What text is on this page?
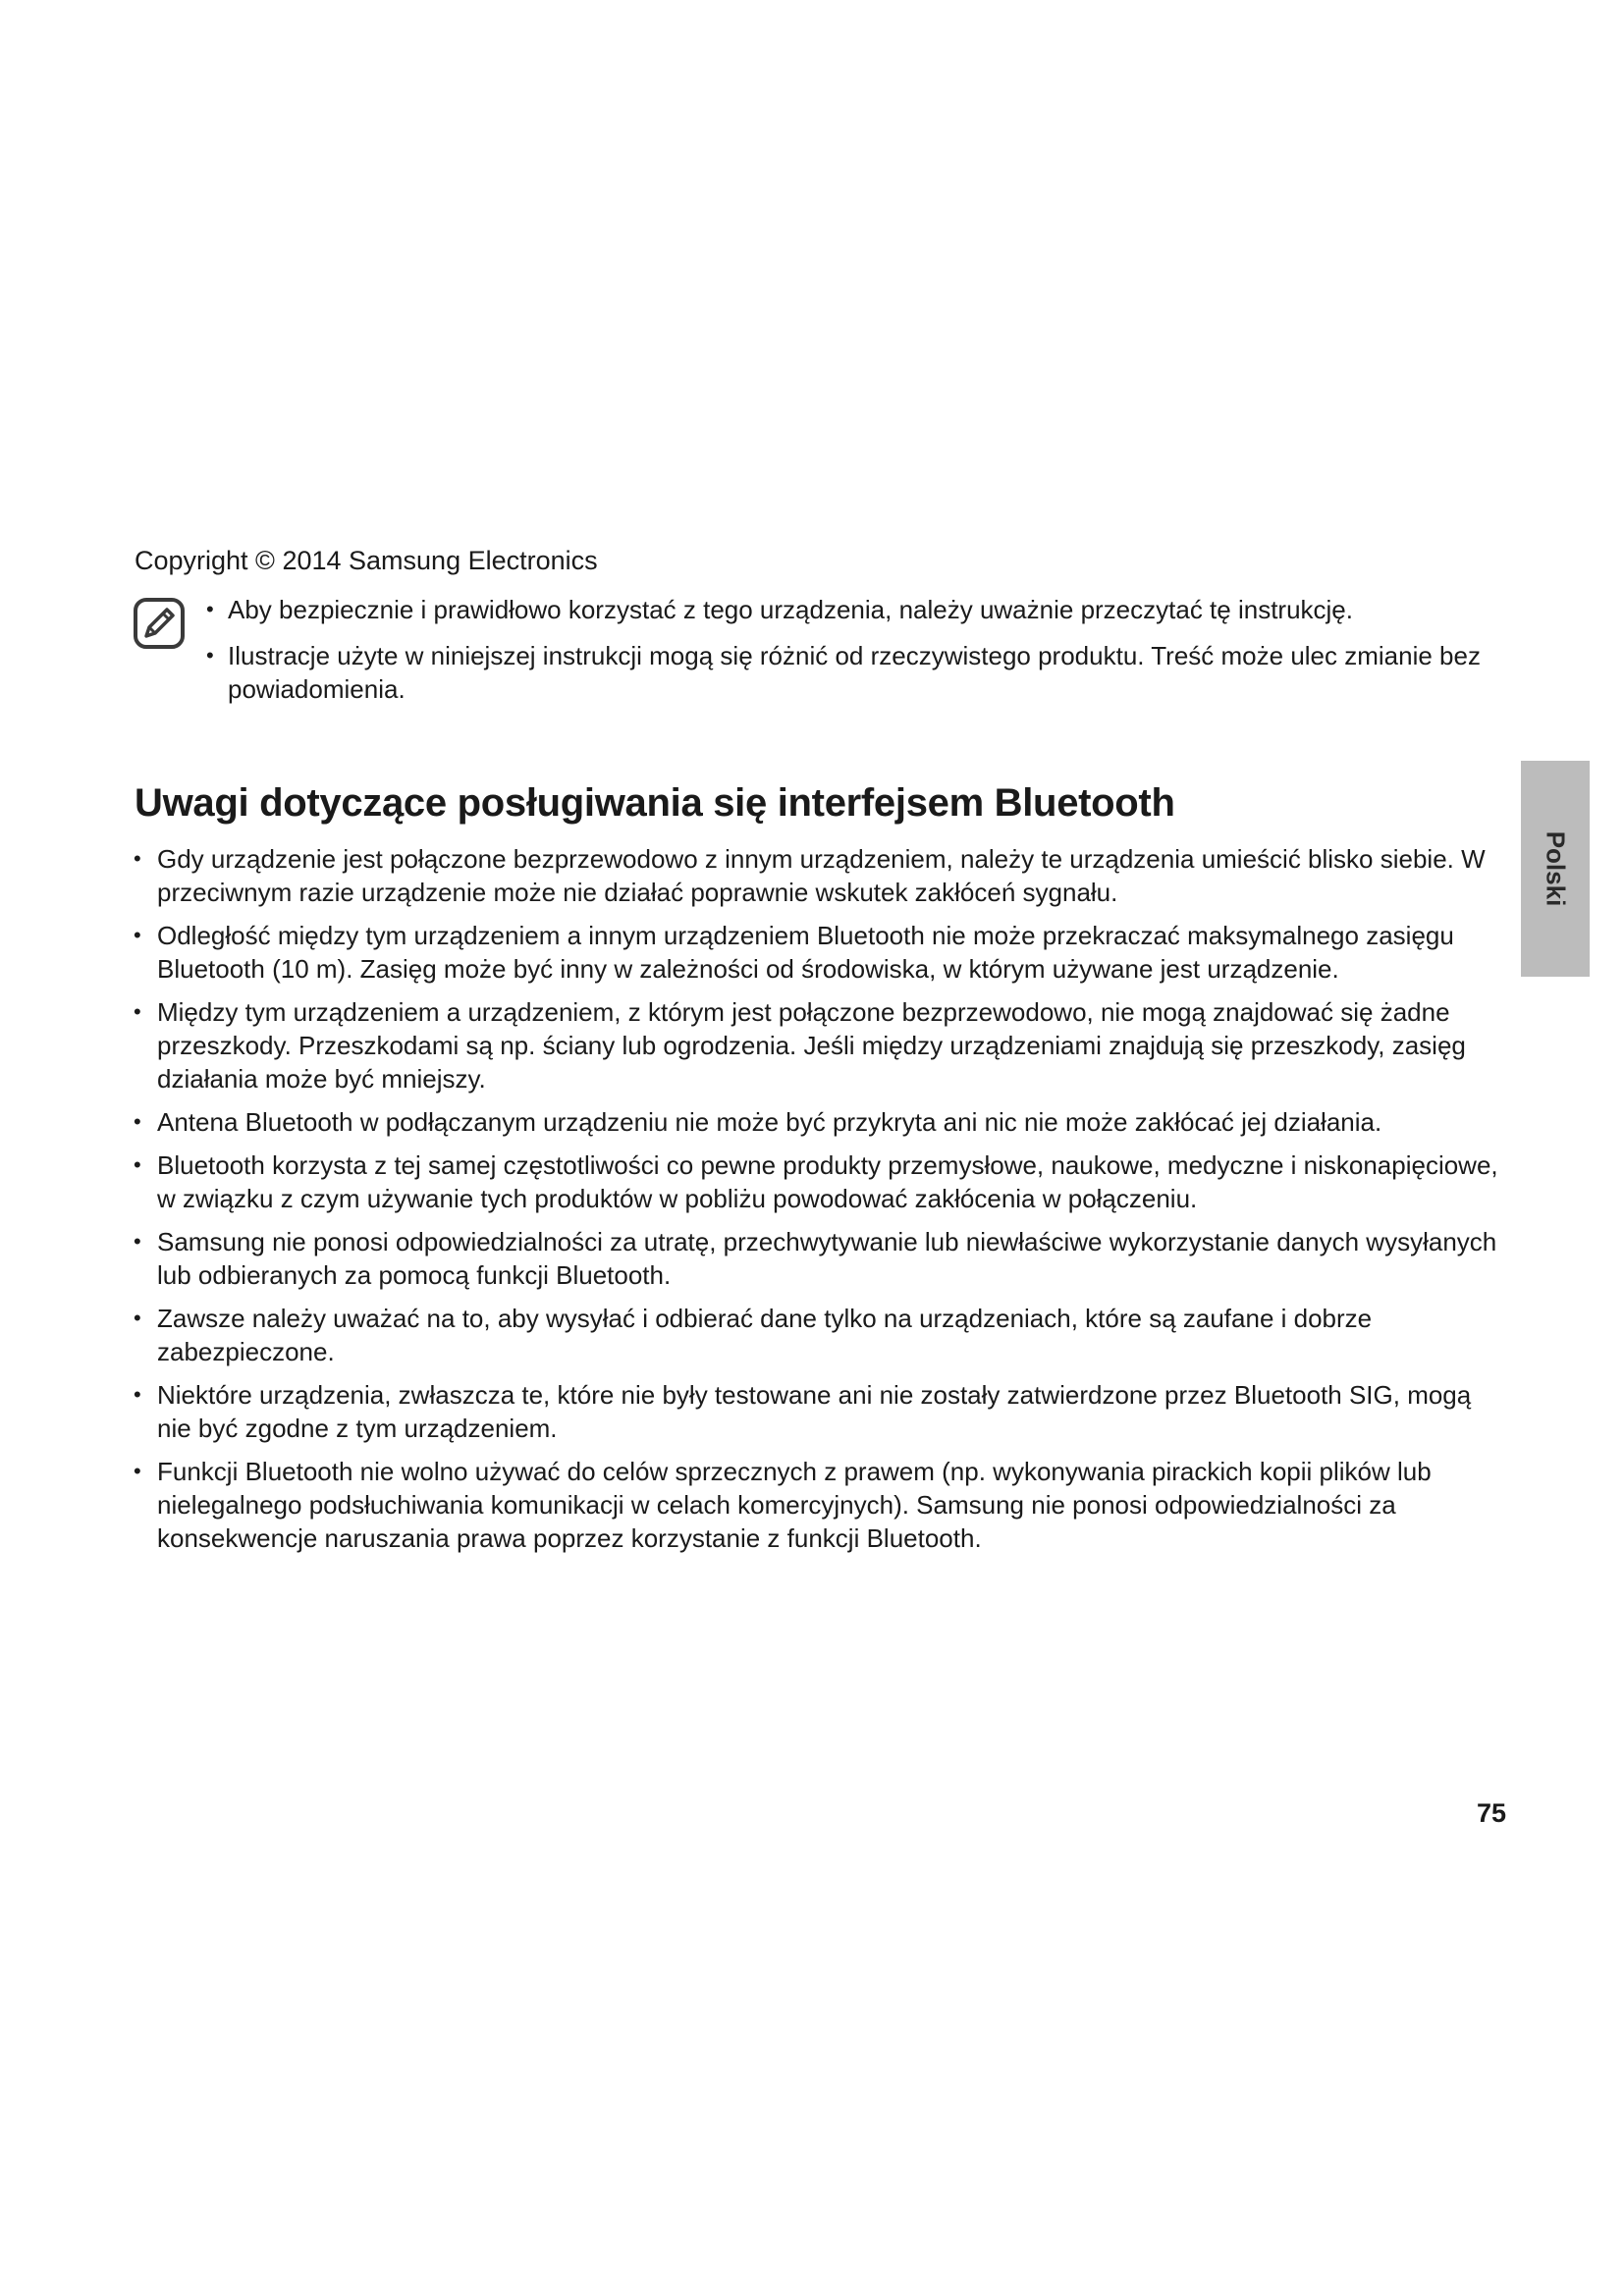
Copyright © 2014 Samsung Electronics

• Aby bezpiecznie i prawidłowo korzystać z tego urządzenia, należy uważnie przeczytać tę instrukcję.
• Ilustracje użyte w niniejszej instrukcji mogą się różnić od rzeczywistego produktu. Treść może ulec zmianie bez powiadomienia.
Uwagi dotyczące posługiwania się interfejsem Bluetooth
• Gdy urządzenie jest połączone bezprzewodowo z innym urządzeniem, należy te urządzenia umieścić blisko siebie. W przeciwnym razie urządzenie może nie działać poprawnie wskutek zakłóceń sygnału.
• Odległość między tym urządzeniem a innym urządzeniem Bluetooth nie może przekraczać maksymalnego zasięgu Bluetooth (10 m). Zasięg może być inny w zależności od środowiska, w którym używane jest urządzenie.
• Między tym urządzeniem a urządzeniem, z którym jest połączone bezprzewodowo, nie mogą znajdować się żadne przeszkody. Przeszkodami są np. ściany lub ogrodzenia. Jeśli między urządzeniami znajdują się przeszkody, zasięg działania może być mniejszy.
• Antena Bluetooth w podłączanym urządzeniu nie może być przykryta ani nic nie może zakłócać jej działania.
• Bluetooth korzysta z tej samej częstotliwości co pewne produkty przemysłowe, naukowe, medyczne i niskonapięciowe, w związku z czym używanie tych produktów w pobliżu powodować zakłócenia w połączeniu.
• Samsung nie ponosi odpowiedzialności za utratę, przechwytywanie lub niewłaściwe wykorzystanie danych wysyłanych lub odbieranych za pomocą funkcji Bluetooth.
• Zawsze należy uważać na to, aby wysyłać i odbierać dane tylko na urządzeniach, które są zaufane i dobrze zabezpieczone.
• Niektóre urządzenia, zwłaszcza te, które nie były testowane ani nie zostały zatwierdzone przez Bluetooth SIG, mogą nie być zgodne z tym urządzeniem.
• Funkcji Bluetooth nie wolno używać do celów sprzecznych z prawem (np. wykonywania pirackich kopii plików lub nielegalnego podsłuchiwania komunikacji w celach komercyjnych). Samsung nie ponosi odpowiedzialności za konsekwencje naruszania prawa poprzez korzystanie z funkcji Bluetooth.
Polski

75
